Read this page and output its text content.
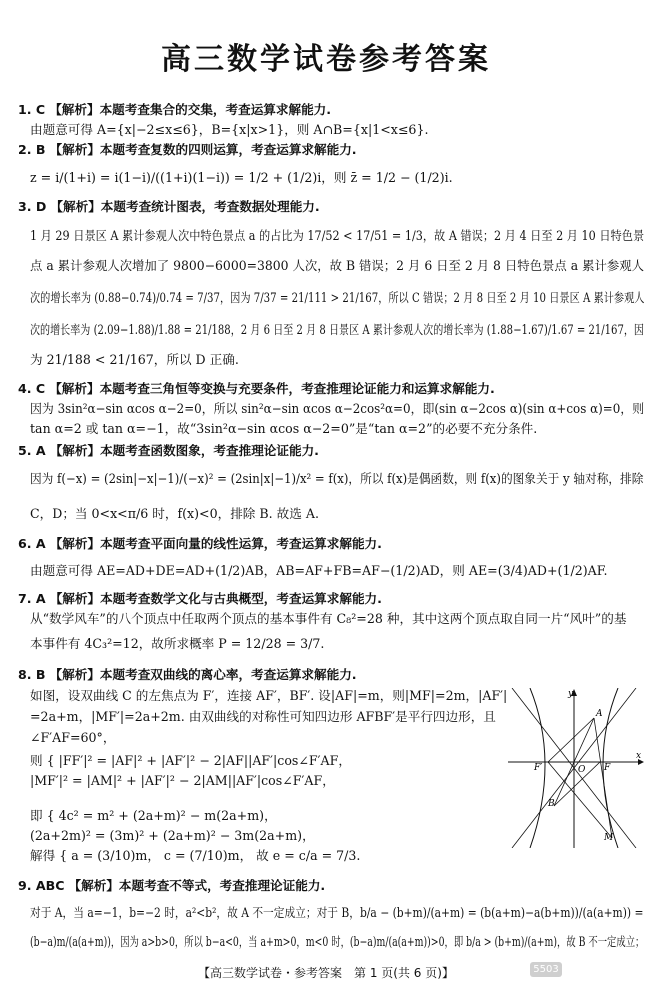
高三数学试卷参考答案
1. C 【解析】本题考查集合的交集，考查运算求解能力.
由题意可得 A={x|−2≤x≤6}，B={x|x>1}，则 A∩B={x|1<x≤6}.
2. B 【解析】本题考查复数的四则运算，考查运算求解能力.
z = i/(1+i) = i(1−i)/((1+i)(1−i)) = 1/2 + (1/2)i，则 z̄ = 1/2 − (1/2)i.
3. D 【解析】本题考查统计图表，考查数据处理能力.
1 月 29 日景区 A 累计参观人次中特色景点 a 的占比为 17/52 < 17/51 = 1/3，故 A 错误；2 月 4 日至 2 月 10 日特色景
点 a 累计参观人次增加了 9800−6000=3800 人次，故 B 错误；2 月 6 日至 2 月 8 日特色景点 a 累计参观人
次的增长率为 (0.88−0.74)/0.74 = 7/37，因为 7/37 = 21/111 > 21/167，所以 C 错误；2 月 8 日至 2 月 10 日景区 A 累计参观人
次的增长率为 (2.09−1.88)/1.88 = 21/188，2 月 6 日至 2 月 8 日景区 A 累计参观人次的增长率为 (1.88−1.67)/1.67 = 21/167，因
为 21/188 < 21/167，所以 D 正确.
4. C 【解析】本题考查三角恒等变换与充要条件，考查推理论证能力和运算求解能力.
因为 3sin²α−sin αcos α−2=0，所以 sin²α−sin αcos α−2cos²α=0，即(sin α−2cos α)(sin α+cos α)=0，则
tan α=2 或 tan α=−1，故“3sin²α−sin αcos α−2=0”是“tan α=2”的必要不充分条件.
5. A 【解析】本题考查函数图象，考查推理论证能力.
因为 f(−x) = (2sin|−x|−1)/(−x)² = (2sin|x|−1)/x² = f(x)，所以 f(x)是偶函数，则 f(x)的图象关于 y 轴对称，排除
C，D；当 0<x<π/6 时，f(x)<0，排除 B. 故选 A.
6. A 【解析】本题考查平面向量的线性运算，考查运算求解能力.
由题意可得 AE=AD+DE=AD+(1/2)AB，AB=AF+FB=AF−(1/2)AD，则 AE=(3/4)AD+(1/2)AF.
7. A 【解析】本题考查数学文化与古典概型，考查运算求解能力.
从“数学风车”的八个顶点中任取两个顶点的基本事件有 C₈²=28 种，其中这两个顶点取自同一片“风叶”的基
本事件有 4C₃²=12，故所求概率 P = 12/28 = 3/7.
8. B 【解析】本题考查双曲线的离心率，考查运算求解能力.
如图，设双曲线 C 的左焦点为 F′，连接 AF′，BF′. 设|AF|=m，则|MF|=2m，|AF′|
=2a+m，|MF′|=2a+2m. 由双曲线的对称性可知四边形 AFBF′是平行四边形，且
∠F′AF=60°，
则 { |FF′|² = |AF|² + |AF′|² − 2|AF||AF′|cos∠F′AF，
|MF′|² = |AM|² + |AF′|² − 2|AM||AF′|cos∠F′AF，
即 { 4c² = m² + (2a+m)² − m(2a+m)，
(2a+2m)² = (3m)² + (2a+m)² − 3m(2a+m)，
解得 { a = (3/10)m， c = (7/10)m， 故 e = c/a = 7/3.
y
x
O F
F′
A
B
M
9. ABC 【解析】本题考查不等式，考查推理论证能力.
对于 A，当 a=−1，b=−2 时，a²<b²，故 A 不一定成立；对于 B，b/a − (b+m)/(a+m) = (b(a+m)−a(b+m))/(a(a+m)) =
(b−a)m/(a(a+m))，因为 a>b>0，所以 b−a<0，当 a+m>0，m<0 时，(b−a)m/(a(a+m))>0，即 b/a > (b+m)/(a+m)，故 B 不一定成立；
【高三数学试卷・参考答案　第 1 页(共 6 页)】	5503
